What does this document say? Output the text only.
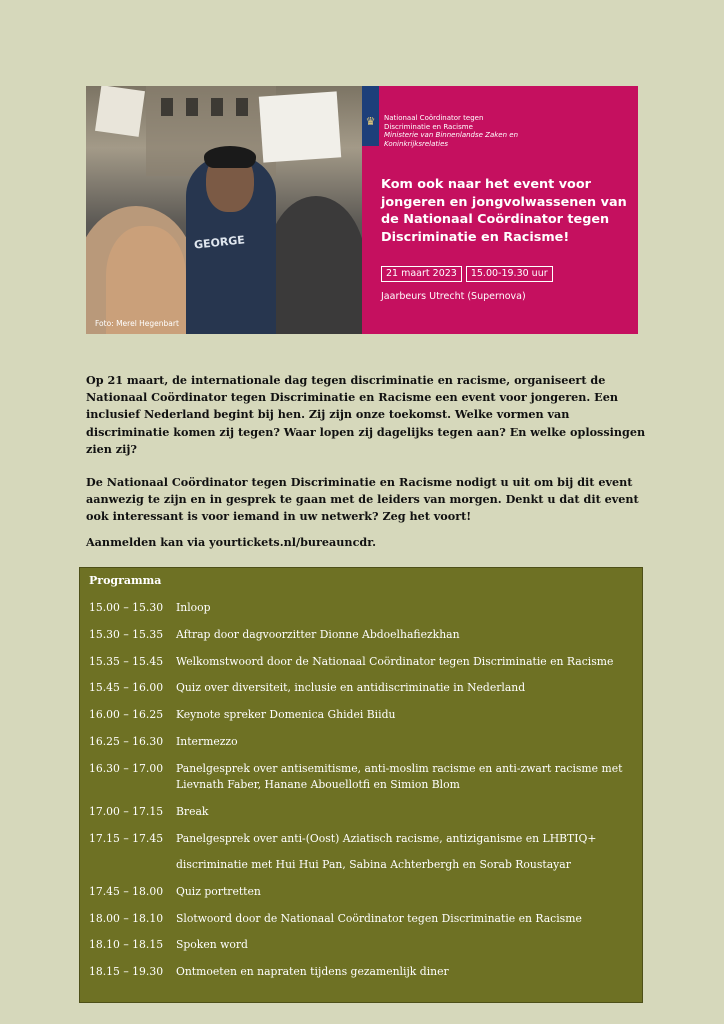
GEORGE
Foto: Merel Hegenbart
♛ Nationaal Coördinator tegen
Discriminatie en Racisme
Ministerie van Binnenlandse Zaken en
Koninkrijksrelaties
Kom ook naar het event voor jongeren en jongvolwassenen van de Nationaal Coördinator tegen Discriminatie en Racisme!
21 maart 2023	15.00-19.30 uur
Jaarbeurs Utrecht (Supernova)

Op 21 maart, de internationale dag tegen discriminatie en racisme, organiseert de Nationaal Coördinator tegen Discriminatie en Racisme een event voor jongeren. Een inclusief Nederland begint bij hen. Zij zijn onze toekomst. Welke vormen van discriminatie komen zij tegen? Waar lopen zij dagelijks tegen aan? En welke oplossingen zien zij?

De Nationaal Coördinator tegen Discriminatie en Racisme nodigt u uit om bij dit event aanwezig te zijn en in gesprek te gaan met de leiders van morgen. Denkt u dat dit event ook interessant is voor iemand in uw netwerk? Zeg het voort!

Aanmelden kan via yourtickets.nl/bureauncdr.

Programma
15.00 – 15.30	Inloop
15.30 – 15.35	Aftrap door dagvoorzitter Dionne Abdoelhafiezkhan
15.35 – 15.45	Welkomstwoord door de Nationaal Coördinator tegen Discriminatie en Racisme
15.45 – 16.00	Quiz over diversiteit, inclusie en antidiscriminatie in Nederland
16.00 – 16.25	Keynote spreker Domenica Ghidei Biidu
16.25 – 16.30	Intermezzo
16.30 – 17.00	Panelgesprek over antisemitisme, anti-moslim racisme en anti-zwart racisme met Lievnath Faber, Hanane Abouellotfi en Simion Blom
17.00 – 17.15	Break
17.15 – 17.45	Panelgesprek over anti-(Oost) Aziatisch racisme, antiziganisme en LHBTIQ+
discriminatie met Hui Hui Pan, Sabina Achterbergh en Sorab Roustayar
17.45 – 18.00	Quiz portretten
18.00 – 18.10	Slotwoord door de Nationaal Coördinator tegen Discriminatie en Racisme
18.10 – 18.15	Spoken word
18.15 – 19.30	Ontmoeten en napraten tijdens gezamenlijk diner
